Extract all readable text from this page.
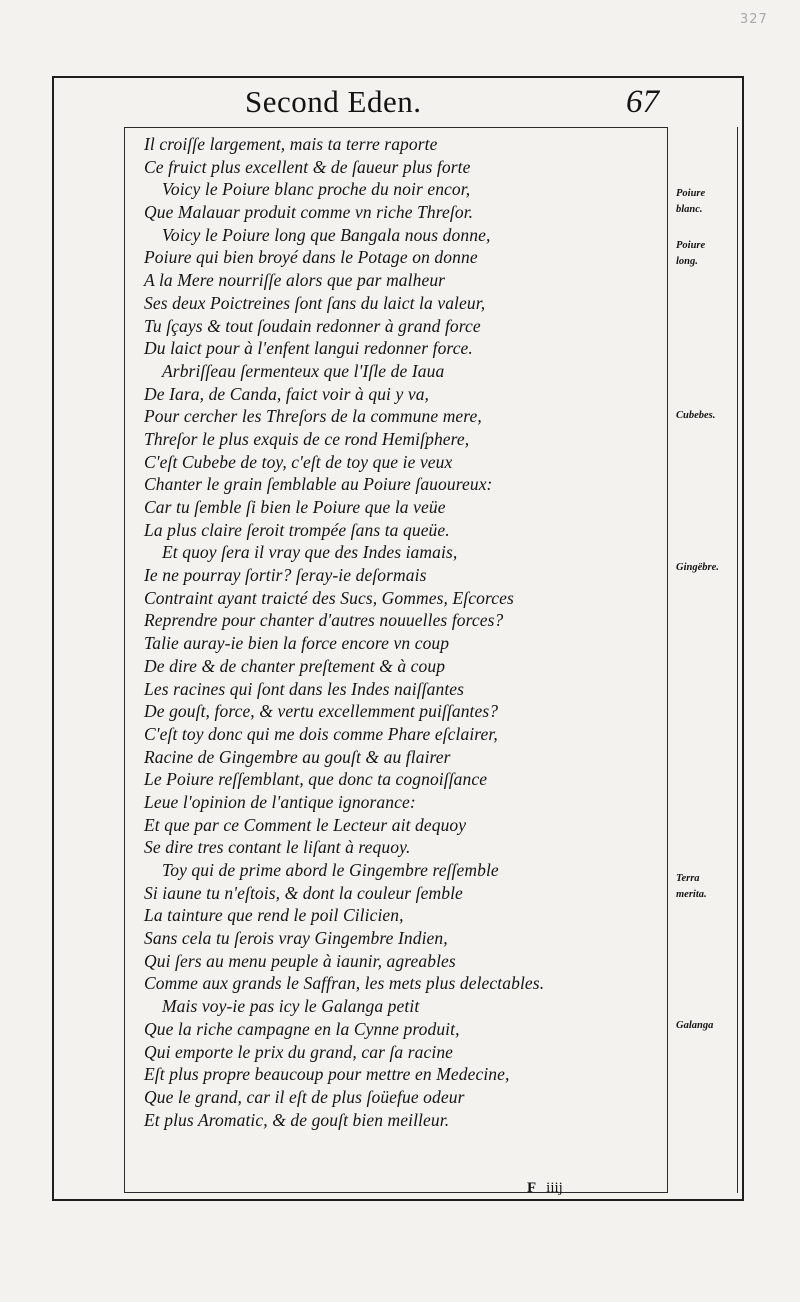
327
Second Eden.	67
Il croiſſe largement, mais ta terre raporte
Ce fruict plus excellent & de ſaueur plus forte
Voicy le Poiure blanc proche du noir encor,
Que Malauar produit comme vn riche Threſor.
Voicy le Poiure long que Bangala nous donne,
Poiure qui bien broyé dans le Potage on donne
A la Mere nourriſſe alors que par malheur
Ses deux Poictreines ſont ſans du laict la valeur,
Tu ſçays & tout ſoudain redonner à grand force
Du laict pour à l'enfent langui redonner force.
Arbriſſeau ſermenteux que l'Iſle de Iaua
De Iara, de Canda, faict voir à qui y va,
Pour cercher les Threſors de la commune mere,
Threſor le plus exquis de ce rond Hemiſphere,
C'eſt Cubebe de toy, c'eſt de toy que ie veux
Chanter le grain ſemblable au Poiure ſauoureux:
Car tu ſemble ſi bien le Poiure que la veüe
La plus claire ſeroit trompée ſans ta queüe.
Et quoy ſera il vray que des Indes iamais,
Ie ne pourray ſortir? ſeray-ie deſormais
Contraint ayant traicté des Sucs, Gommes, Eſcorces
Reprendre pour chanter d'autres nouuelles forces?
Talie auray-ie bien la force encore vn coup
De dire & de chanter preſtement & à coup
Les racines qui ſont dans les Indes naiſſantes
De gouſt, force, & vertu excellemment puiſſantes?
C'eſt toy donc qui me dois comme Phare eſclairer,
Racine de Gingembre au gouſt & au flairer
Le Poiure reſſemblant, que donc ta cognoiſſance
Leue l'opinion de l'antique ignorance:
Et que par ce Comment le Lecteur ait dequoy
Se dire tres contant le liſant à requoy.
Toy qui de prime abord le Gingembre reſſemble
Si iaune tu n'eſtois, & dont la couleur ſemble
La tainture que rend le poil Cilicien,
Sans cela tu ſerois vray Gingembre Indien,
Qui ſers au menu peuple à iaunir, agreables
Comme aux grands le Saffran, les mets plus delectables.
Mais voy-ie pas icy le Galanga petit
Que la riche campagne en la Cynne produit,
Qui emporte le prix du grand, car ſa racine
Eſt plus propre beaucoup pour mettre en Medecine,
Que le grand, car il eſt de plus ſoüefue odeur
Et plus Aromatic, & de gouſt bien meilleur.
Poiure
blanc.
Poiure
long.
Cubebes.
Gingëbre.
Terra
merita.
Galanga
F iiij
